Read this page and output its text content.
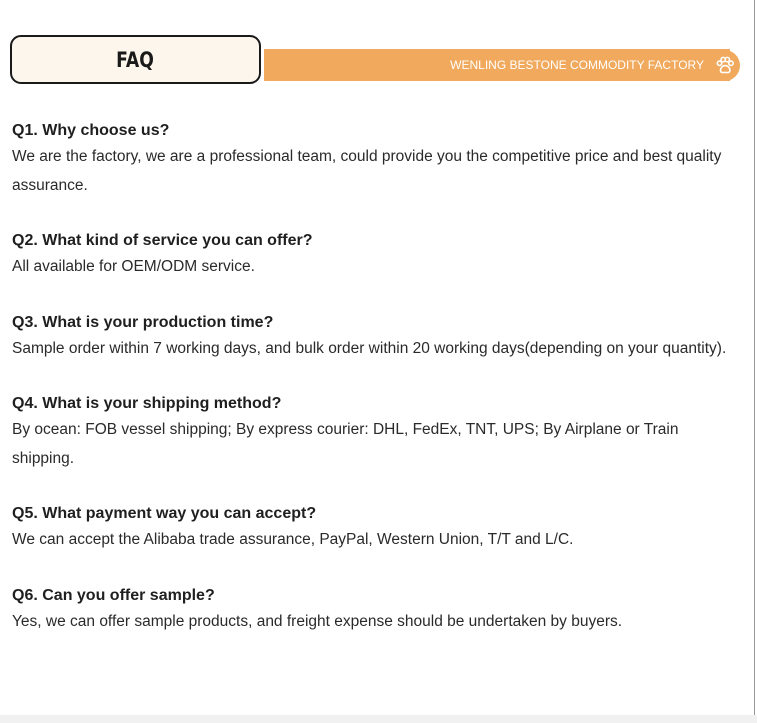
FAQ	WENLING BESTONE COMMODITY FACTORY

Q1. Why choose us?

We are the factory, we are a professional team, could provide you the competitive price and best quality assurance.

Q2. What kind of service you can offer?

All available for OEM/ODM service.

Q3. What is your production time?

Sample order within 7 working days, and bulk order within 20 working days(depending on your quantity).

Q4. What is your shipping method?

By ocean: FOB vessel shipping; By express courier: DHL, FedEx, TNT, UPS; By Airplane or Train shipping.

Q5. What payment way you can accept?

We can accept the Alibaba trade assurance, PayPal, Western Union, T/T and L/C.

Q6. Can you offer sample?

Yes, we can offer sample products, and freight expense should be undertaken by buyers.
